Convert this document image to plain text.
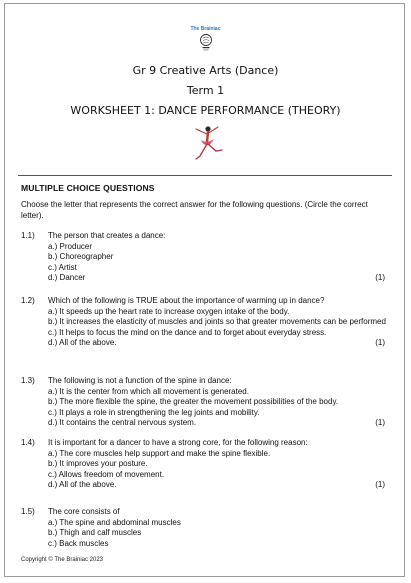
The Brainiac
Gr 9 Creative Arts (Dance)
Term 1
WORKSHEET 1: DANCE PERFORMANCE (THEORY)
MULTIPLE CHOICE QUESTIONS
Choose the letter that represents the correct answer for the following questions. (Circle the correct letter).
1.1) The person that creates a dance:
a.) Producer
b.) Choreographer
c.) Artist
d.) Dancer	(1)
1.2) Which of the following is TRUE about the importance of warming up in dance?
a.) It speeds up the heart rate to increase oxygen intake of the body.
b.) It increases the elasticity of muscles and joints so that greater movements can be performed
c.) It helps to focus the mind on the dance and to forget about everyday stress.
d.) All of the above.	(1)
1.3) The following is not a function of the spine in dance:
a.) It is the center from which all movement is generated.
b.) The more flexible the spine, the greater the movement possibilities of the body.
c.) It plays a role in strengthening the leg joints and mobility.
d.) It contains the central nervous system.	(1)
1.4) It is important for a dancer to have a strong core, for the following reason:
a.) The core muscles help support and make the spine flexible.
b.) It improves your posture.
c.) Allows freedom of movement.
d.) All of the above.	(1)
1.5) The core consists of
a.) The spine and abdominal muscles
b.) Thigh and calf muscles
c.) Back muscles
Copyright © The Brainiac 2023
